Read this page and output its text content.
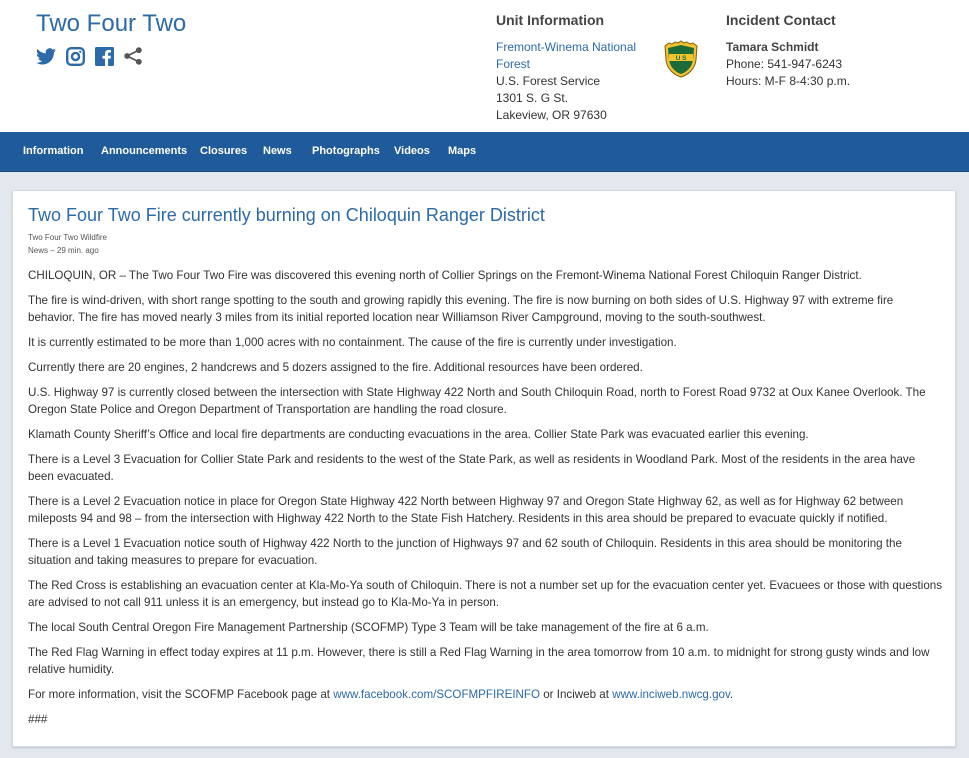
Two Four Two	Unit Information
Fremont-Winema National Forest
U.S. Forest Service
1301 S. G St.
Lakeview, OR 97630
U S
Incident Contact
Tamara Schmidt
Phone: 541-947-6243
Hours: M-F 8-4:30 p.m.
Information Announcements Closures News Photographs Videos Maps
Two Four Two Fire currently burning on Chiloquin Ranger District
Two Four Two Wildfire
News – 29 min. ago

CHILOQUIN, OR – The Two Four Two Fire was discovered this evening north of Collier Springs on the Fremont-Winema National Forest Chiloquin Ranger District.

The fire is wind-driven, with short range spotting to the south and growing rapidly this evening. The fire is now burning on both sides of U.S. Highway 97 with extreme fire behavior. The fire has moved nearly 3 miles from its initial reported location near Williamson River Campground, moving to the south-southwest.

It is currently estimated to be more than 1,000 acres with no containment. The cause of the fire is currently under investigation.

Currently there are 20 engines, 2 handcrews and 5 dozers assigned to the fire. Additional resources have been ordered.

U.S. Highway 97 is currently closed between the intersection with State Highway 422 North and South Chiloquin Road, north to Forest Road 9732 at Oux Kanee Overlook. The Oregon State Police and Oregon Department of Transportation are handling the road closure.

Klamath County Sheriff’s Office and local fire departments are conducting evacuations in the area. Collier State Park was evacuated earlier this evening.

There is a Level 3 Evacuation for Collier State Park and residents to the west of the State Park, as well as residents in Woodland Park. Most of the residents in the area have been evacuated.

There is a Level 2 Evacuation notice in place for Oregon State Highway 422 North between Highway 97 and Oregon State Highway 62, as well as for Highway 62 between mileposts 94 and 98 – from the intersection with Highway 422 North to the State Fish Hatchery. Residents in this area should be prepared to evacuate quickly if notified.

There is a Level 1 Evacuation notice south of Highway 422 North to the junction of Highways 97 and 62 south of Chiloquin. Residents in this area should be monitoring the situation and taking measures to prepare for evacuation.

The Red Cross is establishing an evacuation center at Kla-Mo-Ya south of Chiloquin. There is not a number set up for the evacuation center yet. Evacuees or those with questions are advised to not call 911 unless it is an emergency, but instead go to Kla-Mo-Ya in person.

The local South Central Oregon Fire Management Partnership (SCOFMP) Type 3 Team will be take management of the fire at 6 a.m.

The Red Flag Warning in effect today expires at 11 p.m. However, there is still a Red Flag Warning in the area tomorrow from 10 a.m. to midnight for strong gusty winds and low relative humidity.

For more information, visit the SCOFMP Facebook page at www.facebook.com/SCOFMPFIREINFO or Inciweb at www.inciweb.nwcg.gov.

###
